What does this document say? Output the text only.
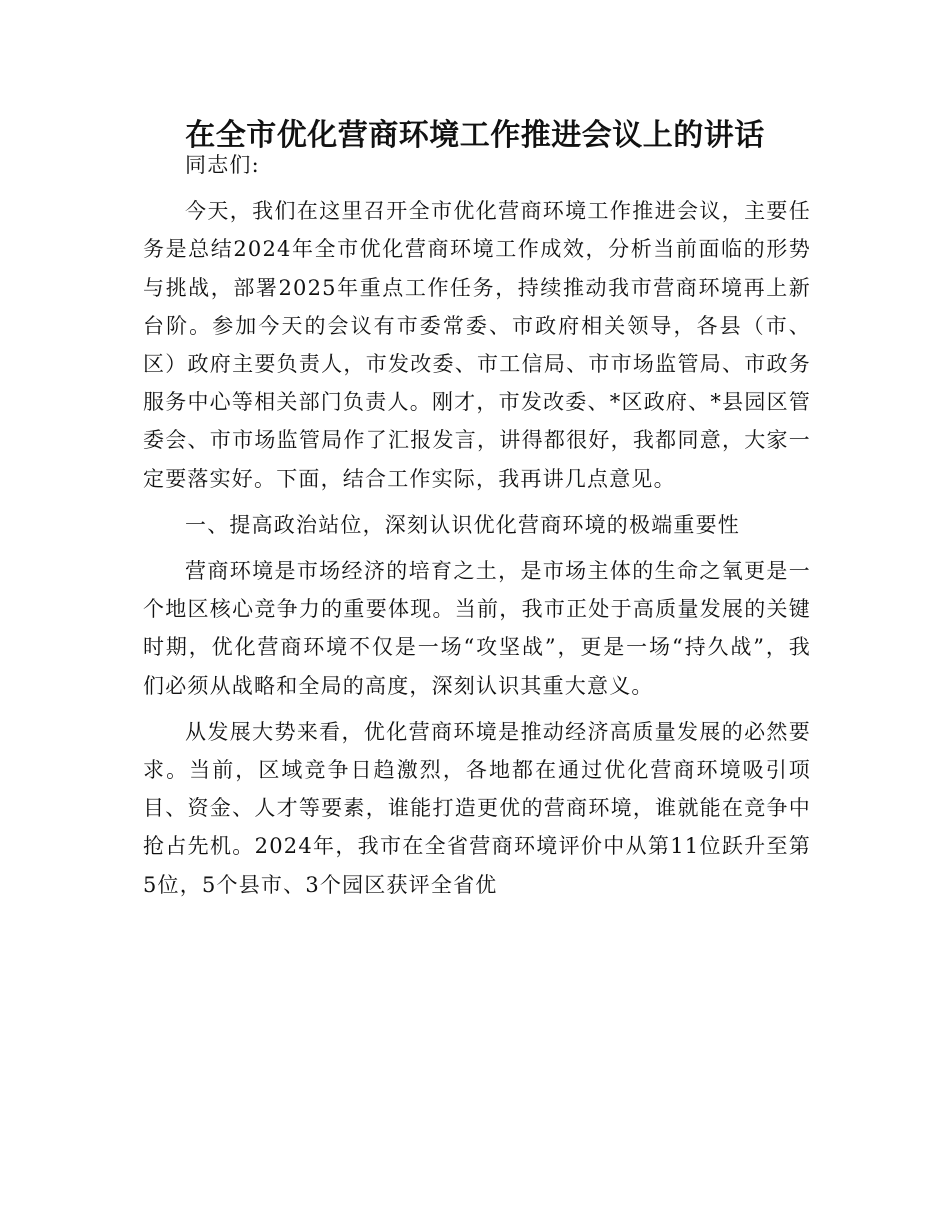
在全市优化营商环境工作推进会议上的讲话

同志们:

今天，我们在这里召开全市优化营商环境工作推进会议，主要任务是总结2024年全市优化营商环境工作成效，分析当前面临的形势与挑战，部署2025年重点工作任务，持续推动我市营商环境再上新台阶。参加今天的会议有市委常委、市政府相关领导，各县（市、区）政府主要负责人，市发改委、市工信局、市市场监管局、市政务服务中心等相关部门负责人。刚才，市发改委、*区政府、*县园区管委会、市市场监管局作了汇报发言，讲得都很好，我都同意，大家一定要落实好。下面，结合工作实际，我再讲几点意见。

一、提高政治站位，深刻认识优化营商环境的极端重要性

营商环境是市场经济的培育之土，是市场主体的生命之氧更是一个地区核心竞争力的重要体现。当前，我市正处于高质量发展的关键时期，优化营商环境不仅是一场“攻坚战”，更是一场“持久战”，我们必须从战略和全局的高度，深刻认识其重大意义。

从发展大势来看，优化营商环境是推动经济高质量发展的必然要求。当前，区域竞争日趋激烈，各地都在通过优化营商环境吸引项目、资金、人才等要素，谁能打造更优的营商环境，谁就能在竞争中抢占先机。2024年，我市在全省营商环境评价中从第11位跃升至第5位，5个县市、3个园区获评全省优
